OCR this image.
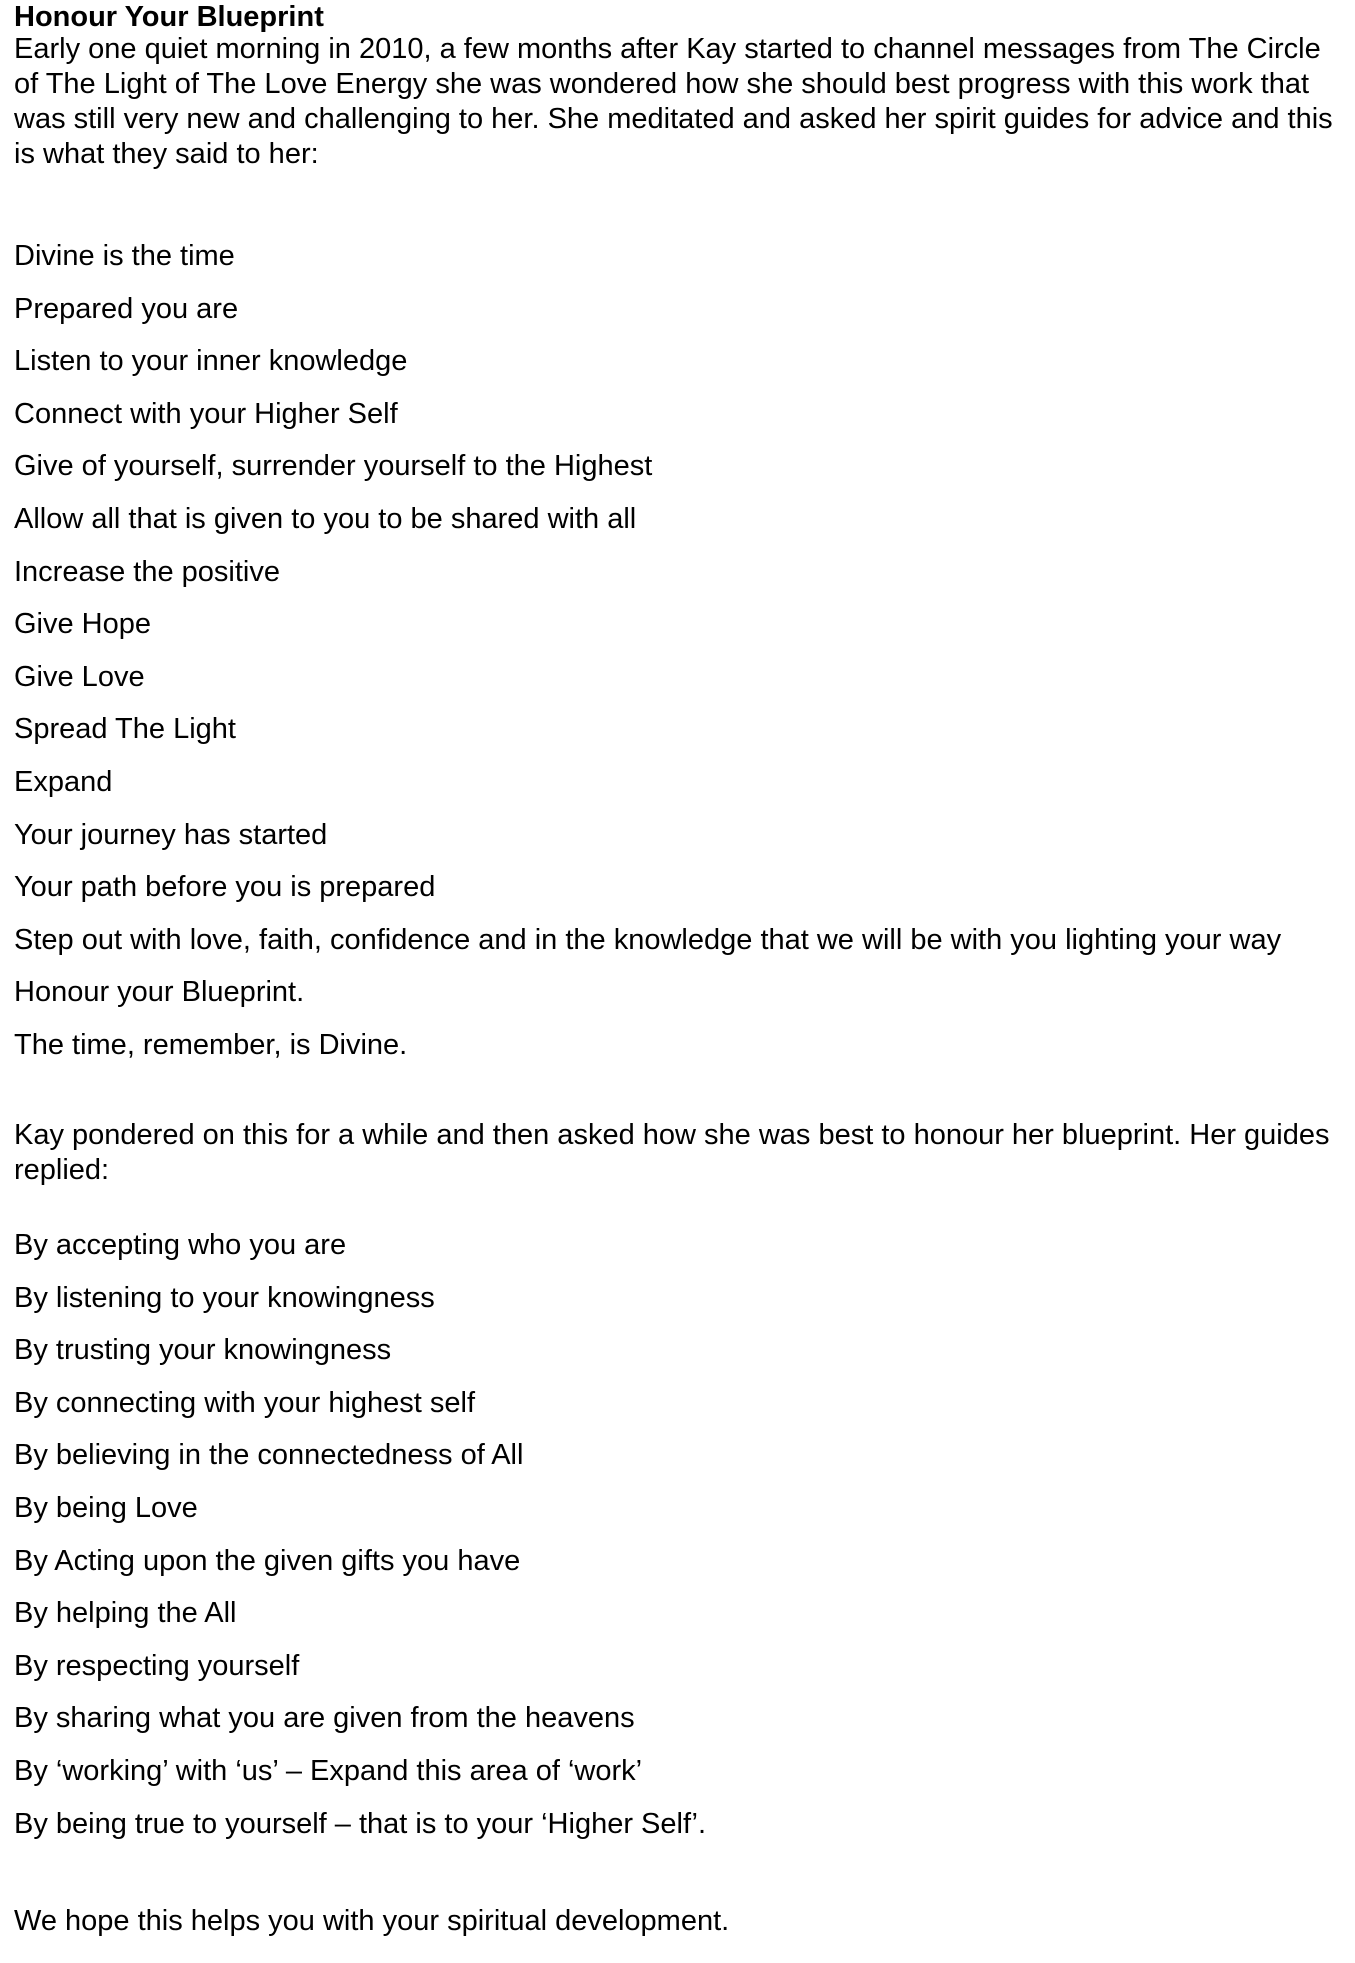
Honour Your Blueprint

Early one quiet morning in 2010, a few months after Kay started to channel messages from The Circle of The Light of The Love Energy she was wondered how she should best progress with this work that was still very new and challenging to her. She meditated and asked her spirit guides for advice and this is what they said to her:

Divine is the time
Prepared you are
Listen to your inner knowledge
Connect with your Higher Self
Give of yourself, surrender yourself to the Highest
Allow all that is given to you to be shared with all
Increase the positive
Give Hope
Give Love
Spread The Light
Expand
Your journey has started
Your path before you is prepared
Step out with love, faith, confidence and in the knowledge that we will be with you lighting your way
Honour your Blueprint.
The time, remember, is Divine.

Kay pondered on this for a while and then asked how she was best to honour her blueprint. Her guides replied:

By accepting who you are
By listening to your knowingness
By trusting your knowingness
By connecting with your highest self
By believing in the connectedness of All
By being Love
By Acting upon the given gifts you have
By helping the All
By respecting yourself
By sharing what you are given from the heavens
By ‘working’ with ‘us’ – Expand this area of ‘work’
By being true to yourself – that is to your ‘Higher Self’.

We hope this helps you with your spiritual development.
